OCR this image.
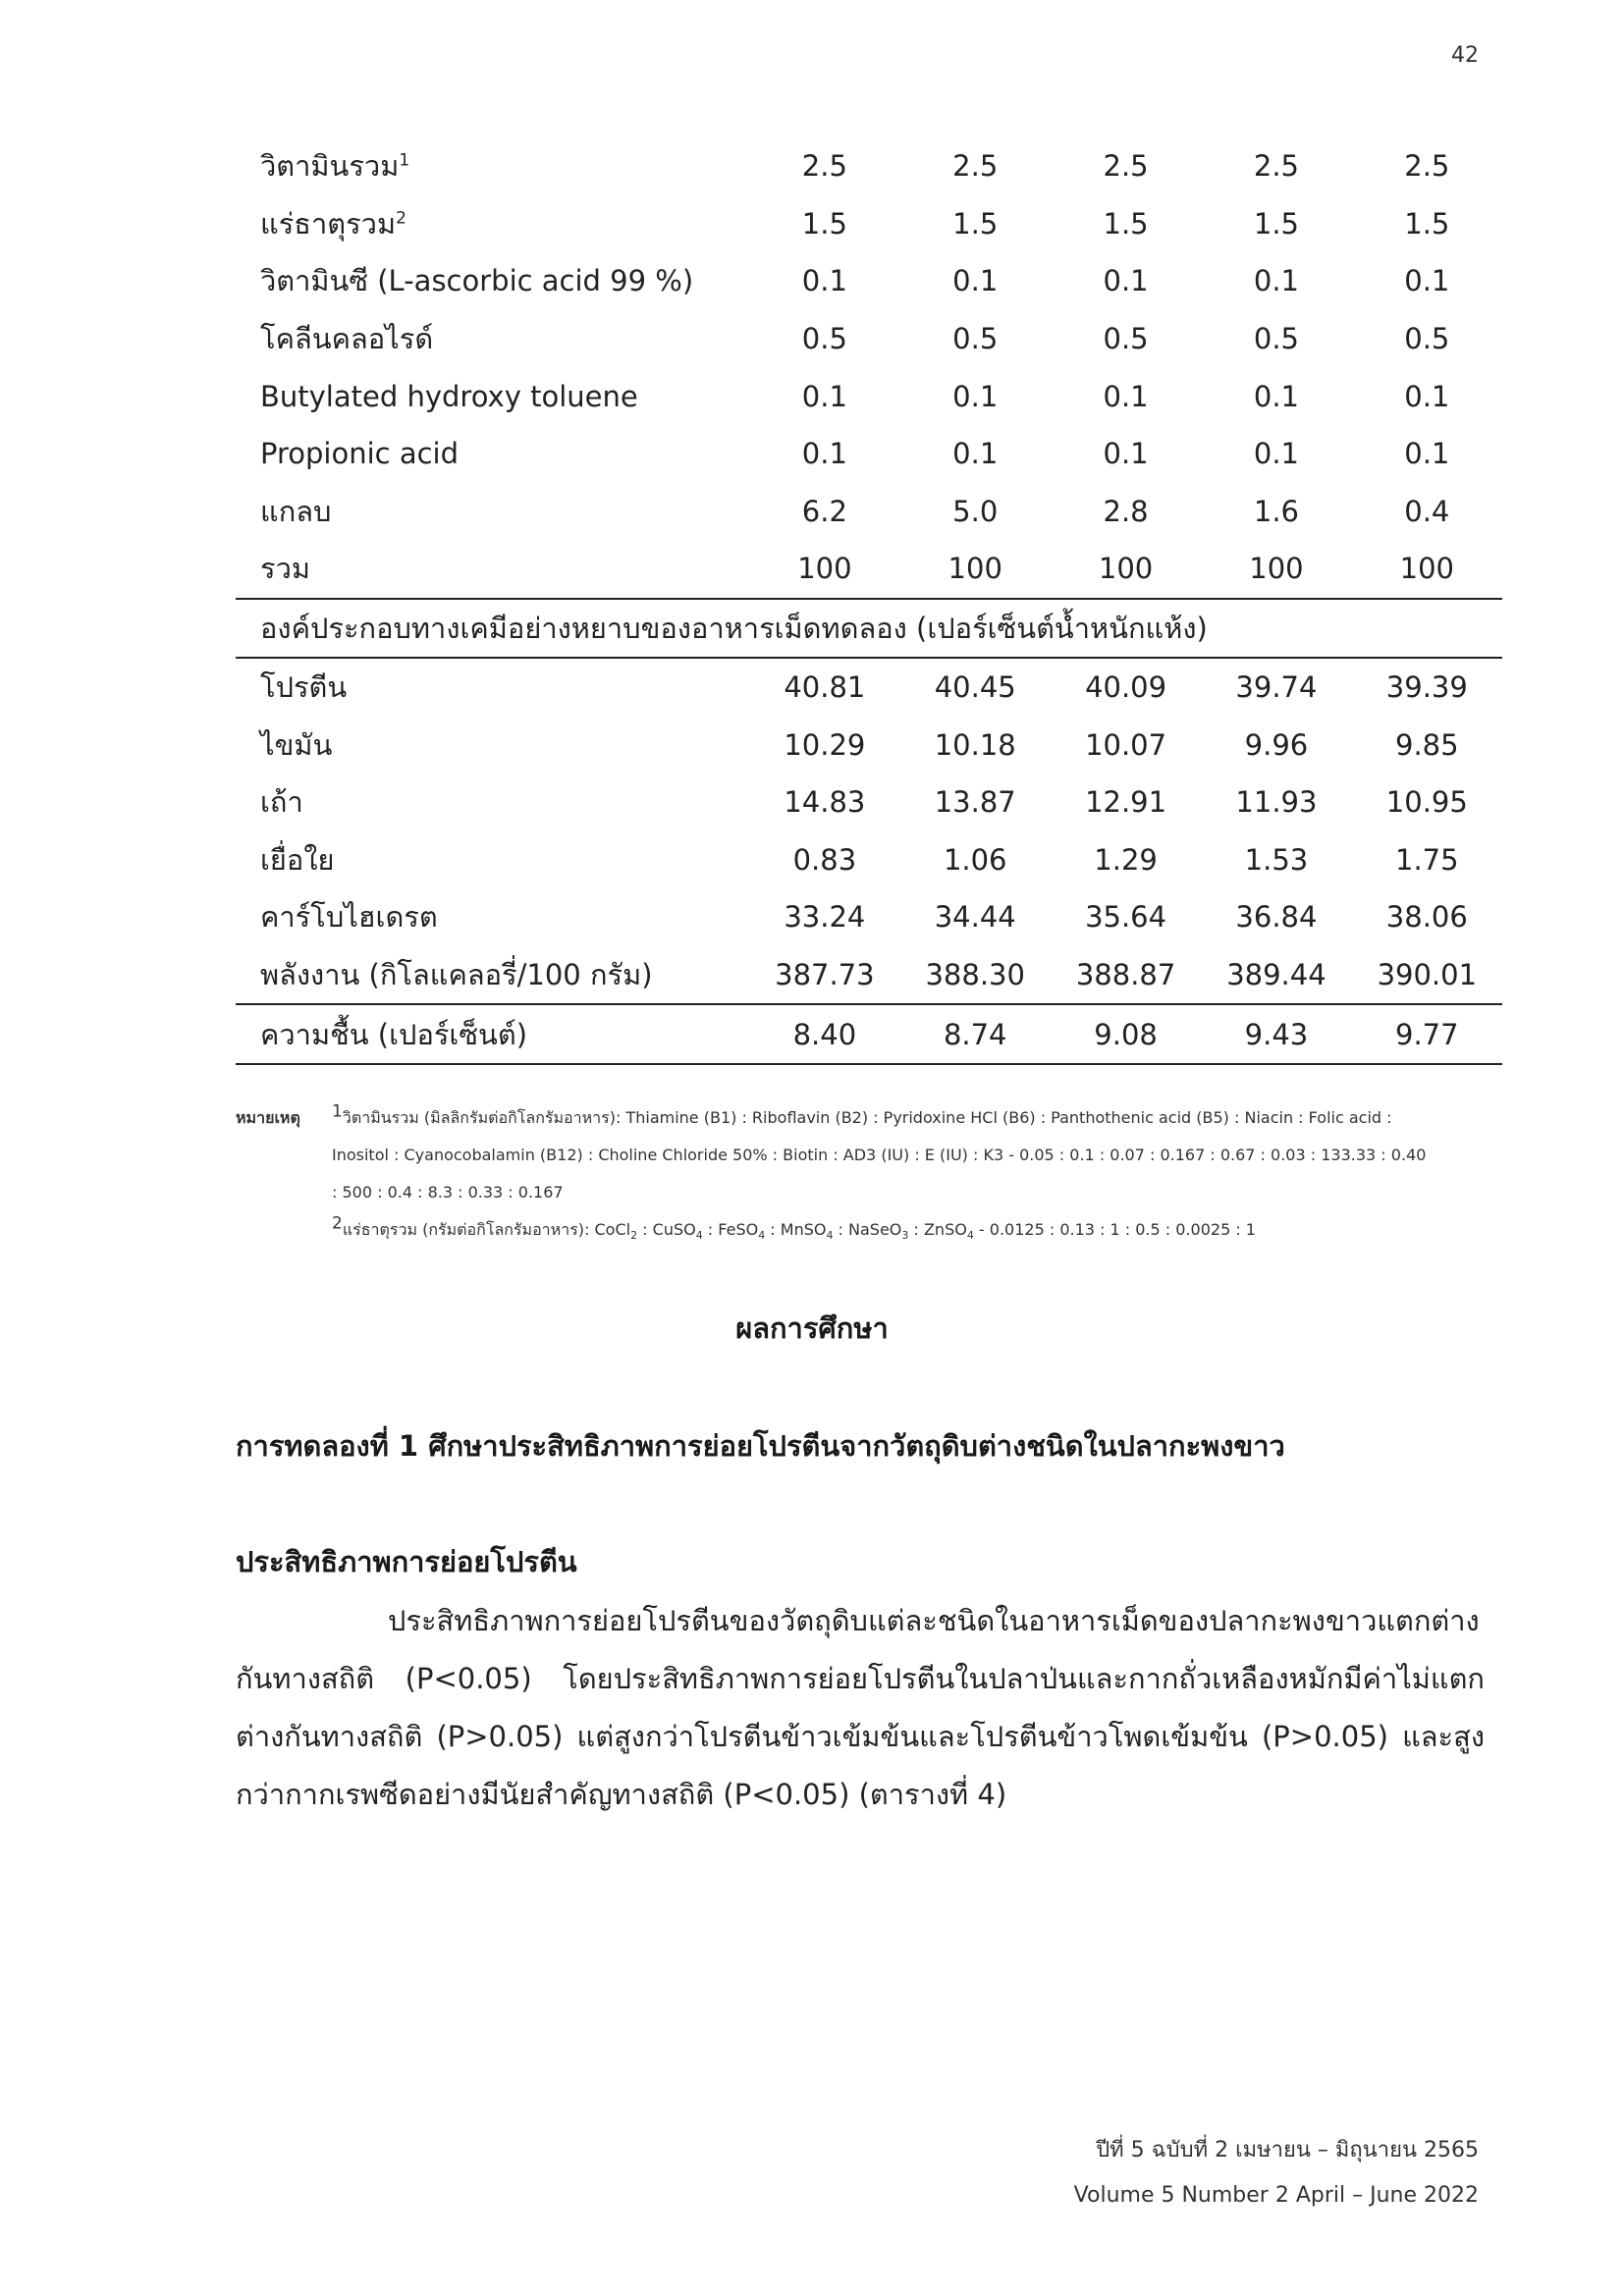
42
วิตามินรวม$^1$	2.5	2.5	2.5	2.5	2.5
แร่ธาตุรวม$^2$	1.5	1.5	1.5	1.5	1.5
วิตามินซี (L-ascorbic acid 99 %)	0.1	0.1	0.1	0.1	0.1
โคลีนคลอไรด์	0.5	0.5	0.5	0.5	0.5
Butylated hydroxy toluene	0.1	0.1	0.1	0.1	0.1
Propionic acid	0.1	0.1	0.1	0.1	0.1
แกลบ	6.2	5.0	2.8	1.6	0.4
รวม	100	100	100	100	100
องค์ประกอบทางเคมีอย่างหยาบของอาหารเม็ดทดลอง (เปอร์เซ็นต์น้ำหนักแห้ง)					
โปรตีน	40.81	40.45	40.09	39.74	39.39
ไขมัน	10.29	10.18	10.07	9.96	9.85
เถ้า	14.83	13.87	12.91	11.93	10.95
เยื่อใย	0.83	1.06	1.29	1.53	1.75
คาร์โบไฮเดรต	33.24	34.44	35.64	36.84	38.06
พลังงาน (กิโลแคลอรี่/100 กรัม)	387.73	388.30	388.87	389.44	390.01
ความชื้น (เปอร์เซ็นต์)	8.40	8.74	9.08	9.43	9.77
หมายเหตุ $^1$วิตามินรวม (มิลลิกรัมต่อกิโลกรัมอาหาร): Thiamine (B1) : Riboflavin (B2) : Pyridoxine HCl (B6) : Panthothenic acid (B5) : Niacin : Folic acid :
Inositol : Cyanocobalamin (B12) : Choline Chloride 50% : Biotin : AD3 (IU) : E (IU) : K3 - 0.05 : 0.1 : 0.07 : 0.167 : 0.67 : 0.03 : 133.33 : 0.40
: 500 : 0.4 : 8.3 : 0.33 : 0.167
$^2$แร่ธาตุรวม (กรัมต่อกิโลกรัมอาหาร): CoCl$_2$ : CuSO$_4$ : FeSO$_4$ : MnSO$_4$ : NaSeO$_3$ : ZnSO$_4$ - 0.0125 : 0.13 : 1 : 0.5 : 0.0025 : 1
ผลการศึกษา
การทดลองที่ 1 ศึกษาประสิทธิภาพการย่อยโปรตีนจากวัตถุดิบต่างชนิดในปลากะพงขาว
ประสิทธิภาพการย่อยโปรตีน
ประสิทธิภาพการย่อยโปรตีนของวัตถุดิบแต่ละชนิดในอาหารเม็ดของปลากะพงขาวแตกต่างกันทางสถิติ (P<0.05) โดยประสิทธิภาพการย่อยโปรตีนในปลาป่นและกากถั่วเหลืองหมักมีค่าไม่แตกต่างกันทางสถิติ (P>0.05) แต่สูงกว่าโปรตีนข้าวเข้มข้นและโปรตีนข้าวโพดเข้มข้น (P>0.05) และสูงกว่ากากเรพซีดอย่างมีนัยสำคัญทางสถิติ (P<0.05) (ตารางที่ 4)
ปีที่ 5 ฉบับที่ 2 เมษายน – มิถุนายน 2565
Volume 5 Number 2 April – June 2022
